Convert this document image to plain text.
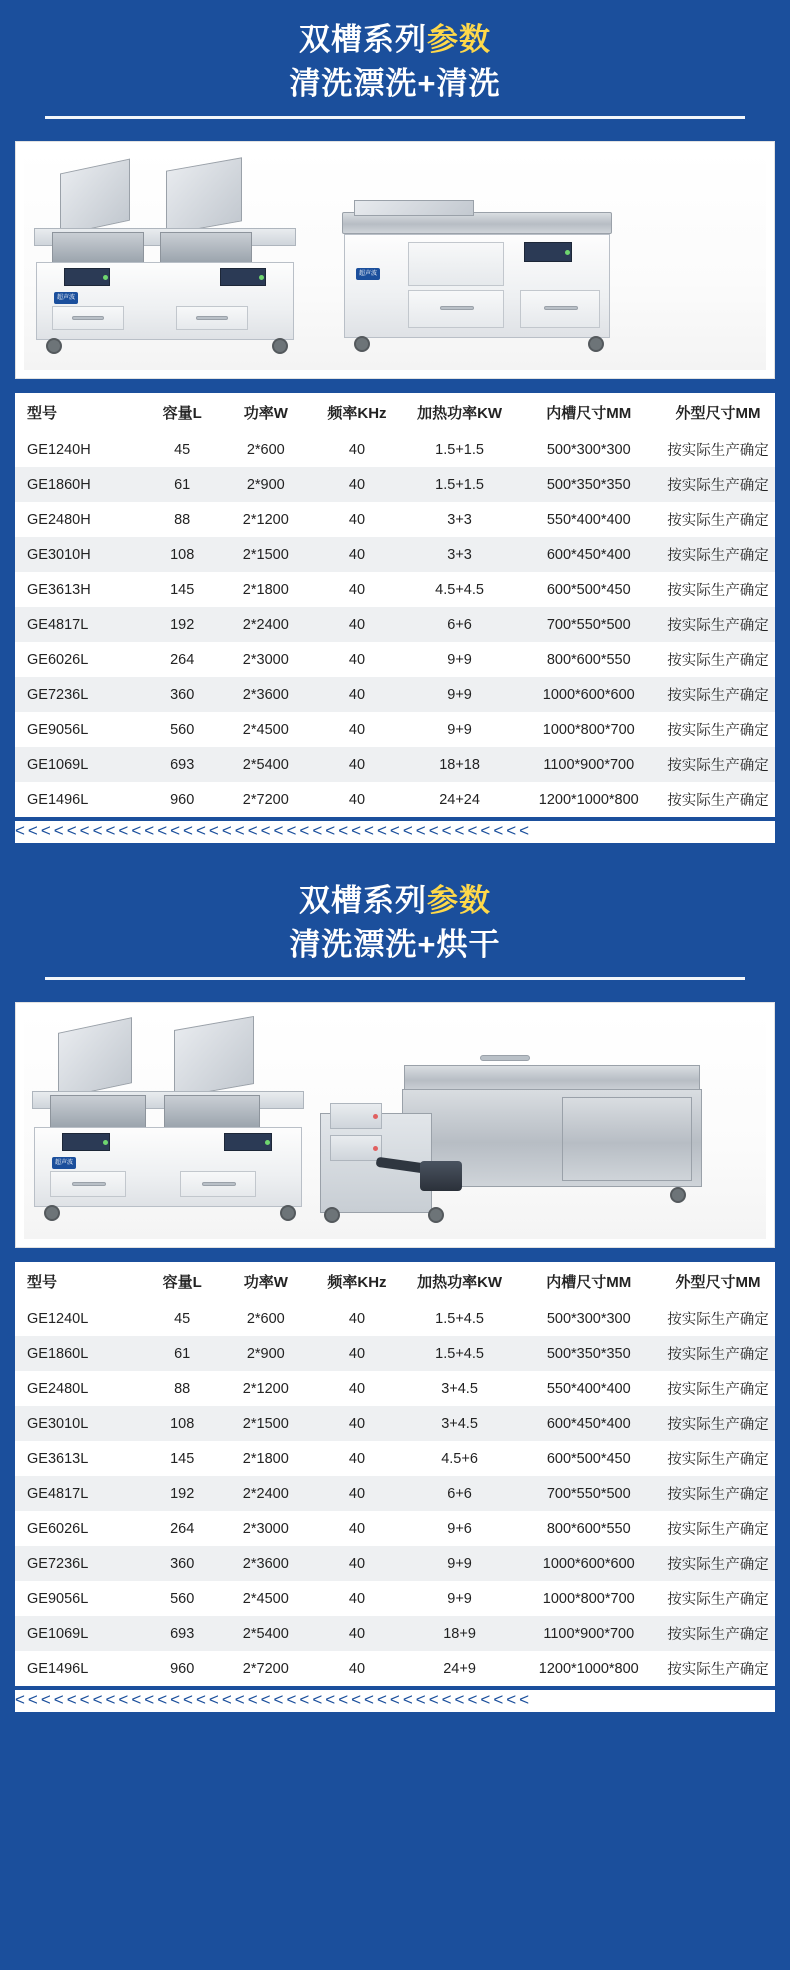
双槽系列参数
清洗漂洗+清洗
超声波
超声波
型号	容量L	功率W	频率KHz	加热功率KW	内槽尺寸MM	外型尺寸MM
GE1240H	45	2*600	40	1.5+1.5	500*300*300	按实际生产确定
GE1860H	61	2*900	40	1.5+1.5	500*350*350	按实际生产确定
GE2480H	88	2*1200	40	3+3	550*400*400	按实际生产确定
GE3010H	108	2*1500	40	3+3	600*450*400	按实际生产确定
GE3613H	145	2*1800	40	4.5+4.5	600*500*450	按实际生产确定
GE4817L	192	2*2400	40	6+6	700*550*500	按实际生产确定
GE6026L	264	2*3000	40	9+9	800*600*550	按实际生产确定
GE7236L	360	2*3600	40	9+9	1000*600*600	按实际生产确定
GE9056L	560	2*4500	40	9+9	1000*800*700	按实际生产确定
GE1069L	693	2*5400	40	18+18	1100*900*700	按实际生产确定
GE1496L	960	2*7200	40	24+24	1200*1000*800	按实际生产确定
<<<<<<<<<<<<<<<<<<<<<<<<<<<<<<<<<<<<<<<<
双槽系列参数
清洗漂洗+烘干
超声波
型号	容量L	功率W	频率KHz	加热功率KW	内槽尺寸MM	外型尺寸MM
GE1240L	45	2*600	40	1.5+4.5	500*300*300	按实际生产确定
GE1860L	61	2*900	40	1.5+4.5	500*350*350	按实际生产确定
GE2480L	88	2*1200	40	3+4.5	550*400*400	按实际生产确定
GE3010L	108	2*1500	40	3+4.5	600*450*400	按实际生产确定
GE3613L	145	2*1800	40	4.5+6	600*500*450	按实际生产确定
GE4817L	192	2*2400	40	6+6	700*550*500	按实际生产确定
GE6026L	264	2*3000	40	9+6	800*600*550	按实际生产确定
GE7236L	360	2*3600	40	9+9	1000*600*600	按实际生产确定
GE9056L	560	2*4500	40	9+9	1000*800*700	按实际生产确定
GE1069L	693	2*5400	40	18+9	1100*900*700	按实际生产确定
GE1496L	960	2*7200	40	24+9	1200*1000*800	按实际生产确定
<<<<<<<<<<<<<<<<<<<<<<<<<<<<<<<<<<<<<<<<
